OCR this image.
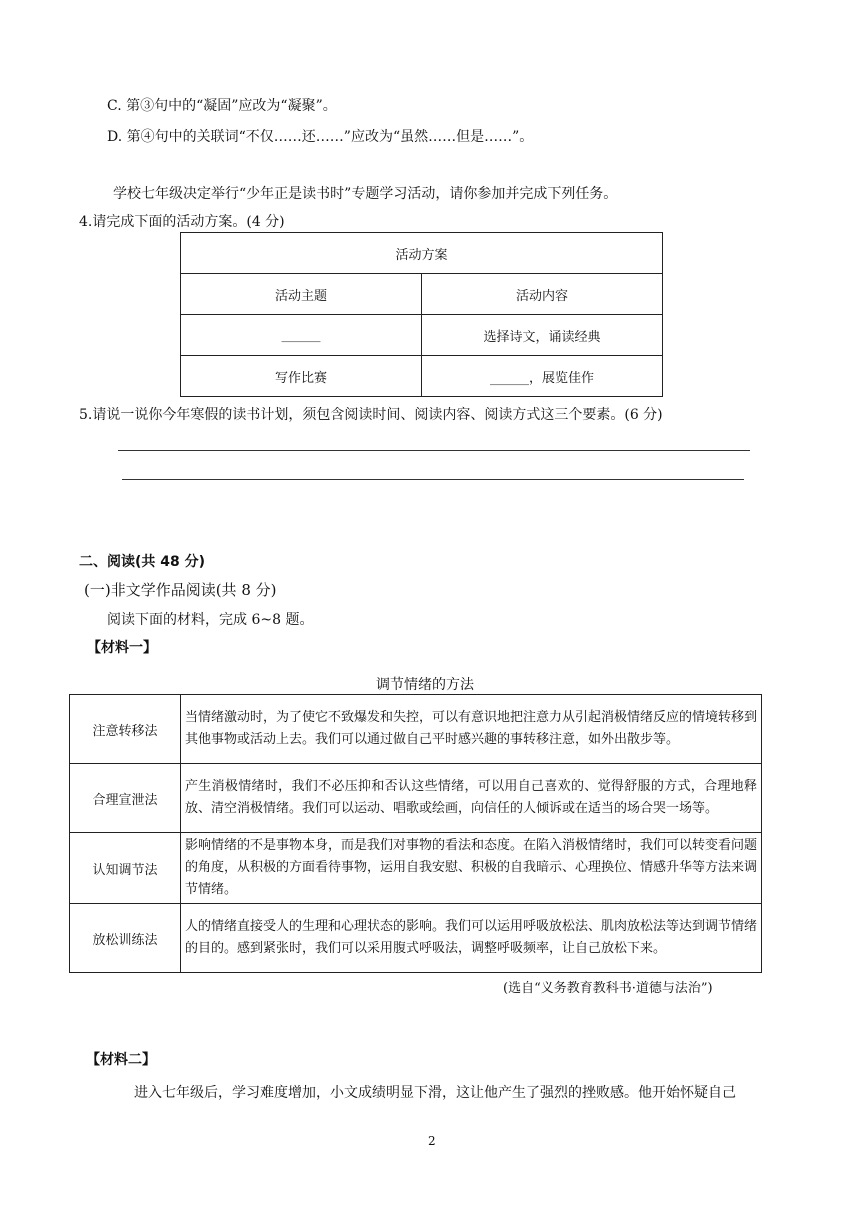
C. 第③句中的“凝固”应改为“凝聚”。
D. 第④句中的关联词“不仅……还……”应改为“虽然……但是……”。
学校七年级决定举行“少年正是读书时”专题学习活动，请你参加并完成下列任务。
4.请完成下面的活动方案。(4 分)
活动方案	
活动主题	活动内容
______	选择诗文，诵读经典
写作比赛	______，展览佳作
5.请说一说你今年寒假的读书计划，须包含阅读时间、阅读内容、阅读方式这三个要素。(6 分)
二、阅读(共 48 分)
(一)非文学作品阅读(共 8 分)
阅读下面的材料，完成 6~8 题。
【材料一】
调节情绪的方法
注意转移法	当情绪激动时，为了使它不致爆发和失控，可以有意识地把注意力从引起消极情绪反应的情境转移到其他事物或活动上去。我们可以通过做自己平时感兴趣的事转移注意，如外出散步等。
合理宣泄法	产生消极情绪时，我们不必压抑和否认这些情绪，可以用自己喜欢的、觉得舒服的方式，合理地释放、清空消极情绪。我们可以运动、唱歌或绘画，向信任的人倾诉或在适当的场合哭一场等。
认知调节法	影响情绪的不是事物本身，而是我们对事物的看法和态度。在陷入消极情绪时，我们可以转变看问题的角度，从积极的方面看待事物，运用自我安慰、积极的自我暗示、心理换位、情感升华等方法来调节情绪。
放松训练法	人的情绪直接受人的生理和心理状态的影响。我们可以运用呼吸放松法、肌肉放松法等达到调节情绪的目的。感到紧张时，我们可以采用腹式呼吸法，调整呼吸频率，让自己放松下来。
(选自“义务教育教科书·道德与法治”)
【材料二】
进入七年级后，学习难度增加，小文成绩明显下滑，这让他产生了强烈的挫败感。他开始怀疑自己
2
